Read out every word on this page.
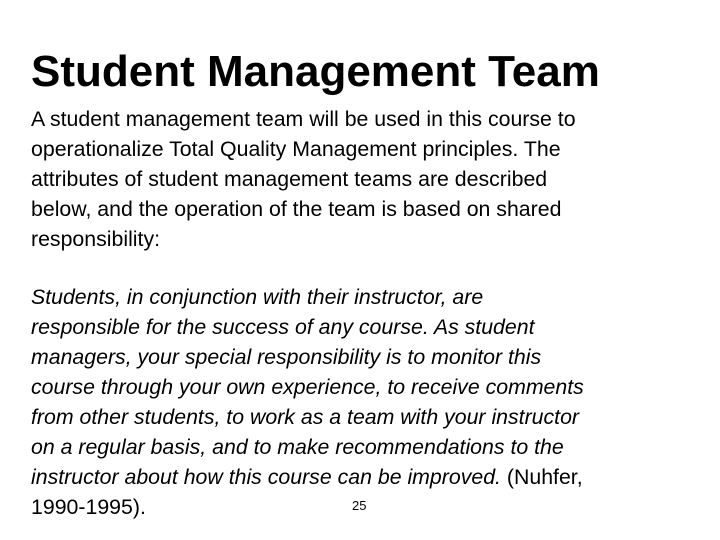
Student Management Team

A student management team will be used in this course to
operationalize Total Quality Management principles. The
attributes of student management teams are described
below, and the operation of the team is based on shared
responsibility:

Students, in conjunction with their instructor, are
responsible for the success of any course. As student
managers, your special responsibility is to monitor this
course through your own experience, to receive comments
from other students, to work as a team with your instructor
on a regular basis, and to make recommendations to the
instructor about how this course can be improved. (Nuhfer,
1990-1995).	25
